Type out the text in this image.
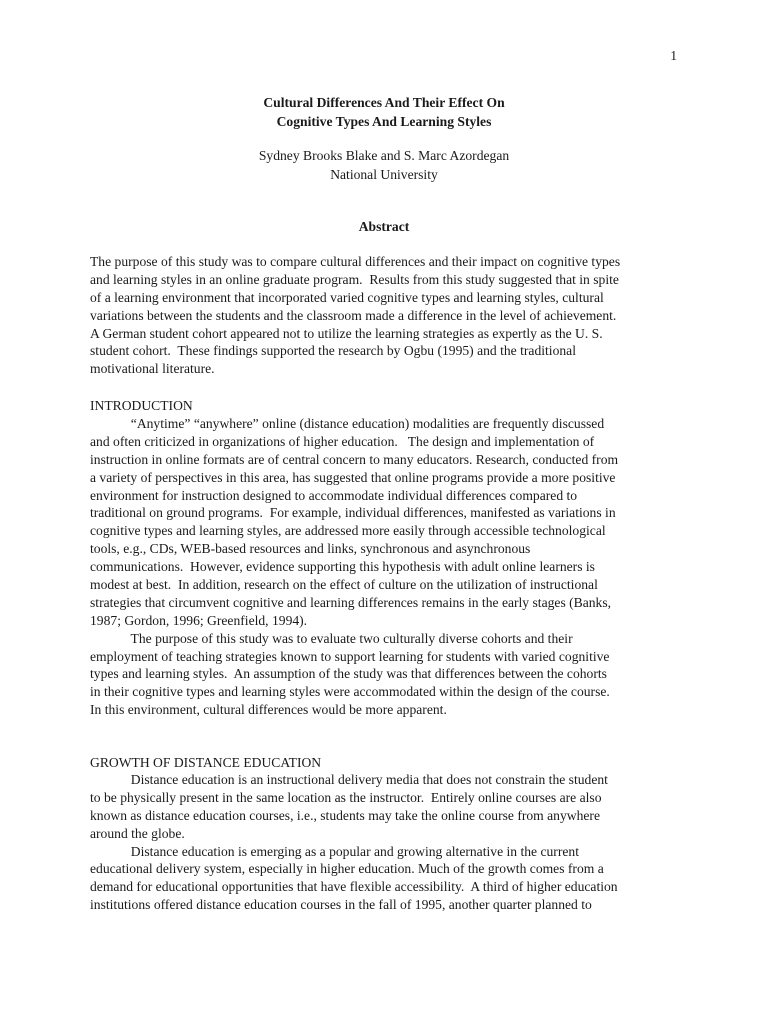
1
Cultural Differences And Their Effect On
Cognitive Types And Learning Styles
Sydney Brooks Blake and S. Marc Azordegan
National University
Abstract
The purpose of this study was to compare cultural differences and their impact on cognitive types
and learning styles in an online graduate program.  Results from this study suggested that in spite
of a learning environment that incorporated varied cognitive types and learning styles, cultural
variations between the students and the classroom made a difference in the level of achievement.
A German student cohort appeared not to utilize the learning strategies as expertly as the U. S.
student cohort.  These findings supported the research by Ogbu (1995) and the traditional
motivational literature.
INTRODUCTION
“Anytime” “anywhere” online (distance education) modalities are frequently discussed
and often criticized in organizations of higher education.   The design and implementation of
instruction in online formats are of central concern to many educators. Research, conducted from
a variety of perspectives in this area, has suggested that online programs provide a more positive
environment for instruction designed to accommodate individual differences compared to
traditional on ground programs.  For example, individual differences, manifested as variations in
cognitive types and learning styles, are addressed more easily through accessible technological
tools, e.g., CDs, WEB-based resources and links, synchronous and asynchronous
communications.  However, evidence supporting this hypothesis with adult online learners is
modest at best.  In addition, research on the effect of culture on the utilization of instructional
strategies that circumvent cognitive and learning differences remains in the early stages (Banks,
1987; Gordon, 1996; Greenfield, 1994).
The purpose of this study was to evaluate two culturally diverse cohorts and their
employment of teaching strategies known to support learning for students with varied cognitive
types and learning styles.  An assumption of the study was that differences between the cohorts
in their cognitive types and learning styles were accommodated within the design of the course.
In this environment, cultural differences would be more apparent.
GROWTH OF DISTANCE EDUCATION
Distance education is an instructional delivery media that does not constrain the student
to be physically present in the same location as the instructor.  Entirely online courses are also
known as distance education courses, i.e., students may take the online course from anywhere
around the globe.
Distance education is emerging as a popular and growing alternative in the current
educational delivery system, especially in higher education. Much of the growth comes from a
demand for educational opportunities that have flexible accessibility.  A third of higher education
institutions offered distance education courses in the fall of 1995, another quarter planned to
